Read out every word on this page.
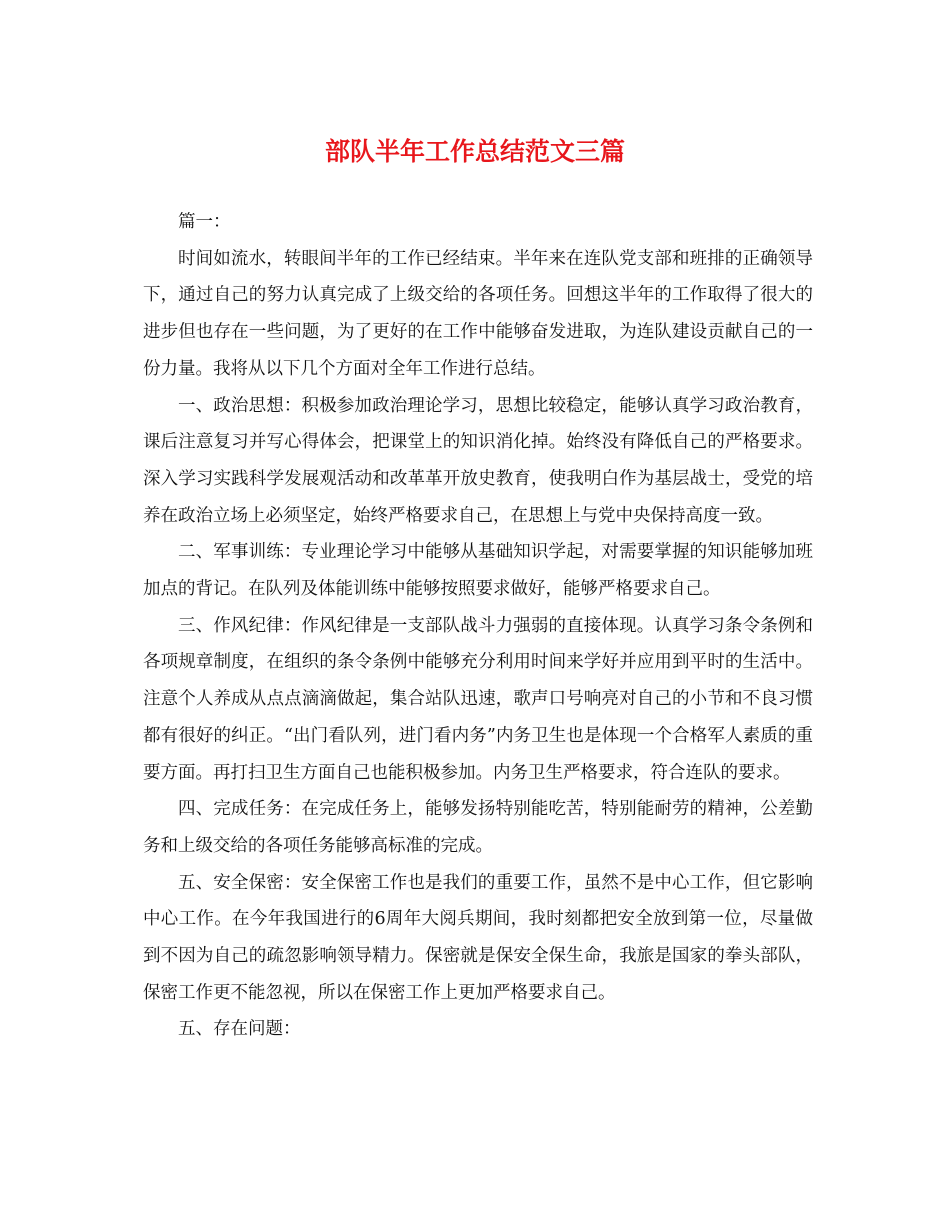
部队半年工作总结范文三篇

篇一：

时间如流水，转眼间半年的工作已经结束。半年来在连队党支部和班排的正确领导下，通过自己的努力认真完成了上级交给的各项任务。回想这半年的工作取得了很大的进步但也存在一些问题，为了更好的在工作中能够奋发进取，为连队建设贡献自己的一份力量。我将从以下几个方面对全年工作进行总结。

一、政治思想：积极参加政治理论学习，思想比较稳定，能够认真学习政治教育，课后注意复习并写心得体会，把课堂上的知识消化掉。始终没有降低自己的严格要求。深入学习实践科学发展观活动和改革革开放史教育，使我明白作为基层战士，受党的培养在政治立场上必须坚定，始终严格要求自己，在思想上与党中央保持高度一致。

二、军事训练：专业理论学习中能够从基础知识学起，对需要掌握的知识能够加班加点的背记。在队列及体能训练中能够按照要求做好，能够严格要求自己。

三、作风纪律：作风纪律是一支部队战斗力强弱的直接体现。认真学习条令条例和各项规章制度，在组织的条令条例中能够充分利用时间来学好并应用到平时的生活中。注意个人养成从点点滴滴做起，集合站队迅速，歌声口号响亮对自己的小节和不良习惯都有很好的纠正。“出门看队列，进门看内务”内务卫生也是体现一个合格军人素质的重要方面。再打扫卫生方面自己也能积极参加。内务卫生严格要求，符合连队的要求。

四、完成任务：在完成任务上，能够发扬特别能吃苦，特别能耐劳的精神，公差勤务和上级交给的各项任务能够高标准的完成。

五、安全保密：安全保密工作也是我们的重要工作，虽然不是中心工作，但它影响中心工作。在今年我国进行的6周年大阅兵期间，我时刻都把安全放到第一位，尽量做到不因为自己的疏忽影响领导精力。保密就是保安全保生命，我旅是国家的拳头部队，保密工作更不能忽视，所以在保密工作上更加严格要求自己。

五、存在问题：
